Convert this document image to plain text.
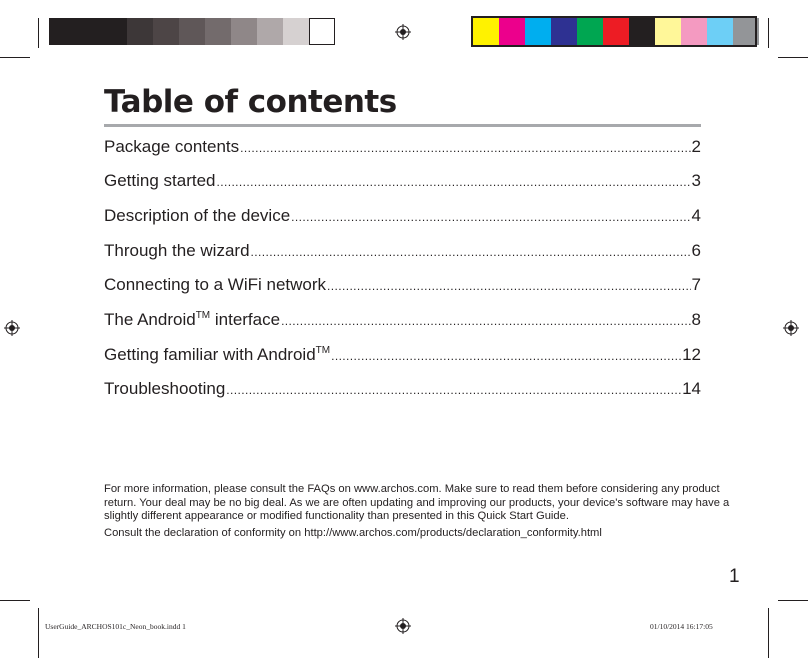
Table of contents
Package contents .....	2
Getting started .....	3
Description of the device .....	4
Through the wizard .....	6
Connecting to a WiFi network .....	7
The Android™ interface .....	8
Getting familiar with Android™ .....	12
Troubleshooting .....	14

For more information, please consult the FAQs on www.archos.com. Make sure to read them before considering any product return. Your deal may be no big deal. As we are often updating and improving our products, your device's software may have a slightly different appearance or modified functionality than presented in this Quick Start Guide.

Consult the declaration of conformity on http://www.archos.com/products/declaration_conformity.html

1
UserGuide_ARCHOS101c_Neon_book.indd 1	01/10/2014 16:17:05
